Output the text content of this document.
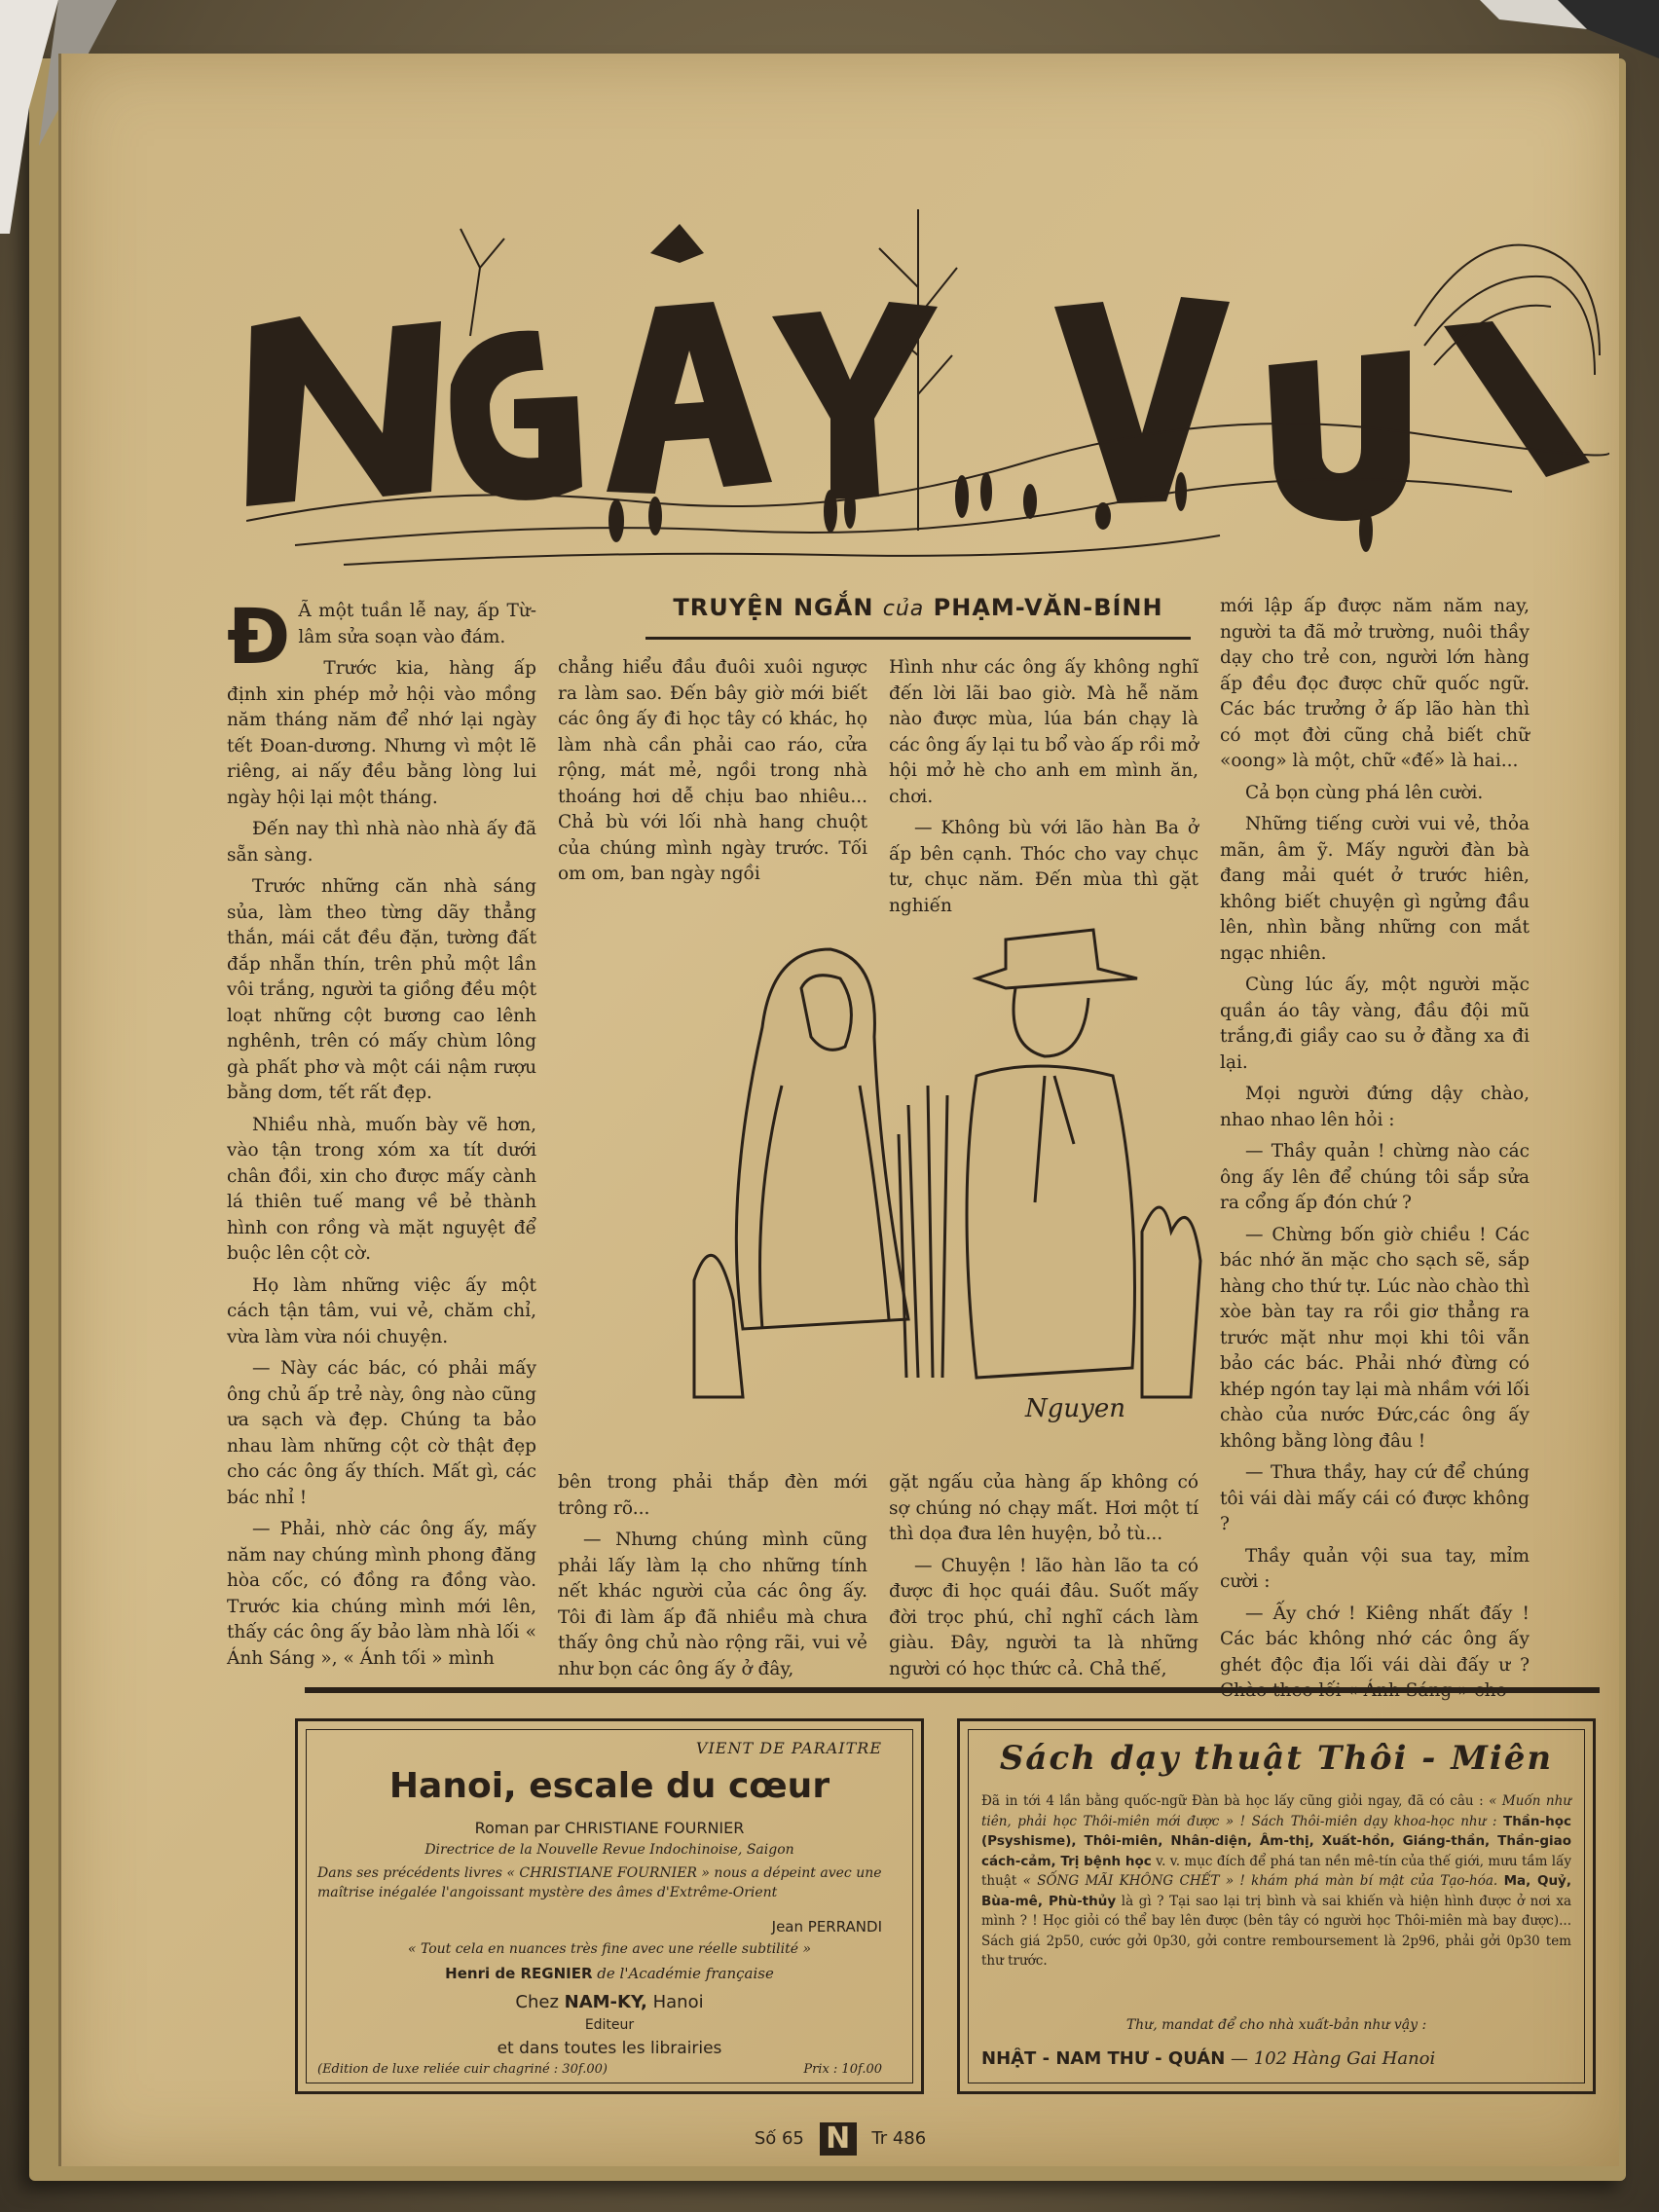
TRUYỆN NGẮN của PHẠM-VĂN-BÍNH
Đ Ã một tuần lễ nay, ấp Từ-lâm sửa soạn vào đám.

Trước kia, hàng ấp định xin phép mở hội vào mồng năm tháng năm để nhớ lại ngày tết Đoan-dương. Nhưng vì một lẽ riêng, ai nấy đều bằng lòng lui ngày hội lại một tháng.

Đến nay thì nhà nào nhà ấy đã sẵn sàng.

Trước những căn nhà sáng sủa, làm theo từng dãy thẳng thắn, mái cắt đều đặn, tường đất đắp nhẵn thín, trên phủ một lần vôi trắng, người ta giồng đều một loạt những cột bương cao lênh nghênh, trên có mấy chùm lông gà phất phơ và một cái nậm rượu bằng dơm, tết rất đẹp.

Nhiều nhà, muốn bày vẽ hơn, vào tận trong xóm xa tít dưới chân đồi, xin cho được mấy cành lá thiên tuế mang về bẻ thành hình con rồng và mặt nguyệt để buộc lên cột cờ.

Họ làm những việc ấy một cách tận tâm, vui vẻ, chăm chỉ, vừa làm vừa nói chuyện.

— Này các bác, có phải mấy ông chủ ấp trẻ này, ông nào cũng ưa sạch và đẹp. Chúng ta bảo nhau làm những cột cờ thật đẹp cho các ông ấy thích. Mất gì, các bác nhỉ !

— Phải, nhờ các ông ấy, mấy năm nay chúng mình phong đăng hòa cốc, có đồng ra đồng vào. Trước kia chúng mình mới lên, thấy các ông ấy bảo làm nhà lối « Ánh Sáng », « Ánh tối » mình

chẳng hiểu đầu đuôi xuôi ngược ra làm sao. Đến bây giờ mới biết các ông ấy đi học tây có khác, họ làm nhà cần phải cao ráo, cửa rộng, mát mẻ, ngồi trong nhà thoáng hơi dễ chịu bao nhiêu... Chả bù với lối nhà hang chuột của chúng mình ngày trước. Tối om om, ban ngày ngồi

Hình như các ông ấy không nghĩ đến lời lãi bao giờ. Mà hễ năm nào được mùa, lúa bán chạy là các ông ấy lại tu bổ vào ấp rồi mở hội mở hè cho anh em mình ăn, chơi.

— Không bù với lão hàn Ba ở ấp bên cạnh. Thóc cho vay chục tư, chục năm. Đến mùa thì gặt nghiến

Nguyen

bên trong phải thắp đèn mới trông rõ...

— Nhưng chúng mình cũng phải lấy làm lạ cho những tính nết khác người của các ông ấy. Tôi đi làm ấp đã nhiều mà chưa thấy ông chủ nào rộng rãi, vui vẻ như bọn các ông ấy ở đây,

gặt ngấu của hàng ấp không có sợ chúng nó chạy mất. Hơi một tí thì dọa đưa lên huyện, bỏ tù...

— Chuyện ! lão hàn lão ta có được đi học quái đâu. Suốt mấy đời trọc phú, chỉ nghĩ cách làm giàu. Đây, người ta là những người có học thức cả. Chả thế,

mới lập ấp được năm năm nay, người ta đã mở trường, nuôi thầy dạy cho trẻ con, người lớn hàng ấp đều đọc được chữ quốc ngữ. Các bác trưởng ở ấp lão hàn thì có mọt đời cũng chả biết chữ «oong» là một, chữ «đế» là hai...

Cả bọn cùng phá lên cười.

Những tiếng cười vui vẻ, thỏa mãn, âm ỹ. Mấy người đàn bà đang mải quét ở trước hiên, không biết chuyện gì ngửng đầu lên, nhìn bằng những con mắt ngạc nhiên.

Cùng lúc ấy, một người mặc quần áo tây vàng, đầu đội mũ trắng,đi giầy cao su ở đằng xa đi lại.

Mọi người đứng dậy chào, nhao nhao lên hỏi :

— Thầy quản ! chừng nào các ông ấy lên để chúng tôi sắp sửa ra cổng ấp đón chứ ?

— Chừng bốn giờ chiều ! Các bác nhớ ăn mặc cho sạch sẽ, sắp hàng cho thứ tự. Lúc nào chào thì xòe bàn tay ra rồi giơ thẳng ra trước mặt như mọi khi tôi vẫn bảo các bác. Phải nhớ đừng có khép ngón tay lại mà nhầm với lối chào của nước Đức,các ông ấy không bằng lòng đâu !

— Thưa thầy, hay cứ để chúng tôi vái dài mấy cái có được không ?

Thầy quản vội sua tay, mỉm cười :

— Ấy chớ ! Kiêng nhất đấy ! Các bác không nhớ các ông ấy ghét độc địa lối vái dài đấy ư ?

VIENT DE PARAITRE
Hanoi, escale du cœur
Roman par CHRISTIANE FOURNIER
Directrice de la Nouvelle Revue Indochinoise, Saigon
Dans ses précédents livres « CHRISTIANE FOURNIER » nous a dépeint avec une maîtrise inégalée l'angoissant mystère des âmes d'Extrême-Orient
Jean PERRANDI
« Tout cela en nuances très fine avec une réelle subtilité »
Henri de REGNIER de l'Académie française
Chez NAM-KY, Hanoi
Editeur
et dans toutes les librairies
(Edition de luxe reliée cuir chagriné : 30f.00)	Prix : 10f.00
Sách dạy thuật Thôi - Miên
Đã in tới 4 lần bằng quốc-ngữ Đàn bà học lấy cũng giỏi ngay, đã có câu : « Muốn như tiên, phải học Thôi-miên mới được » ! Sách Thôi-miên dạy khoa-học như : Thần-học (Psyshisme), Thôi-miên, Nhân-diện, Âm-thị, Xuất-hồn, Giáng-thần, Thần-giao cách-cảm, Trị bệnh học v. v. mục đích để phá tan nền mê-tín của thế giới, mưu tầm lấy thuật « SỐNG MÃI KHÔNG CHẾT » ! khám phá màn bí mật của Tạo-hóa. Ma, Quỷ, Bùa-mê, Phù-thủy là gì ? Tại sao lại trị bình và sai khiến và hiện hình được ở nơi xa mình ? ! Học giỏi có thể bay lên được (bên tây có người học Thôi-miên mà bay được)... Sách giá 2p50, cước gởi 0p30, gởi contre remboursement là 2p96, phải gởi 0p30 tem thư trước.
Thư, mandat để cho nhà xuất-bản như vậy :
NHẬT - NAM THƯ - QUÁN — 102 Hàng Gai Hanoi
Số 65 N Tr 486
